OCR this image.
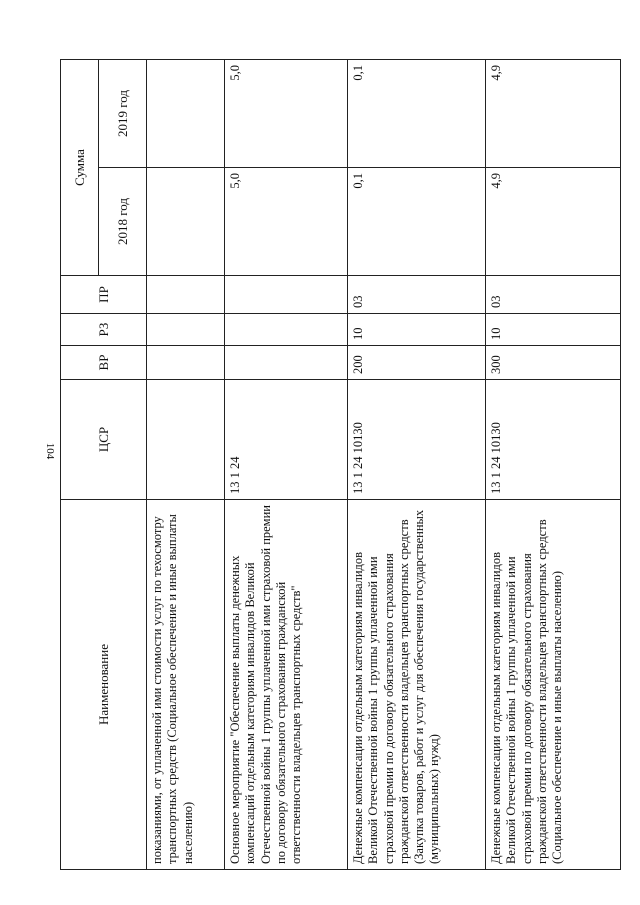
104
Наименование	ЦСР	ВР	РЗ	ПР	Сумма	
					2018 год	2019 год
показаниями, от уплаченной ими стоимости услуг по техосмотру транспортных средств (Социальное обеспечение и иные выплаты населению)						
Основное мероприятие "Обеспечение выплаты денежных компенсаций отдельным категориям инвалидов Великой Отечественной войны 1 группы уплаченной ими страховой премии по договору обязательного страхования гражданской ответственности владельцев транспортных средств"	13 1 24				5,0	5,0
Денежные компенсации отдельным категориям инвалидов Великой Отечественной войны 1 группы уплаченной ими страховой премии по договору обязательного страхования гражданской ответственности владельцев транспортных средств (Закупка товаров, работ и услуг для обеспечения государственных (муниципальных) нужд)	13 1 24 10130	200	10	03	0,1	0,1
Денежные компенсации отдельным категориям инвалидов Великой Отечественной войны 1 группы уплаченной ими страховой премии по договору обязательного страхования гражданской ответственности владельцев транспортных средств (Социальное обеспечение и иные выплаты населению)	13 1 24 10130	300	10	03	4,9	4,9
